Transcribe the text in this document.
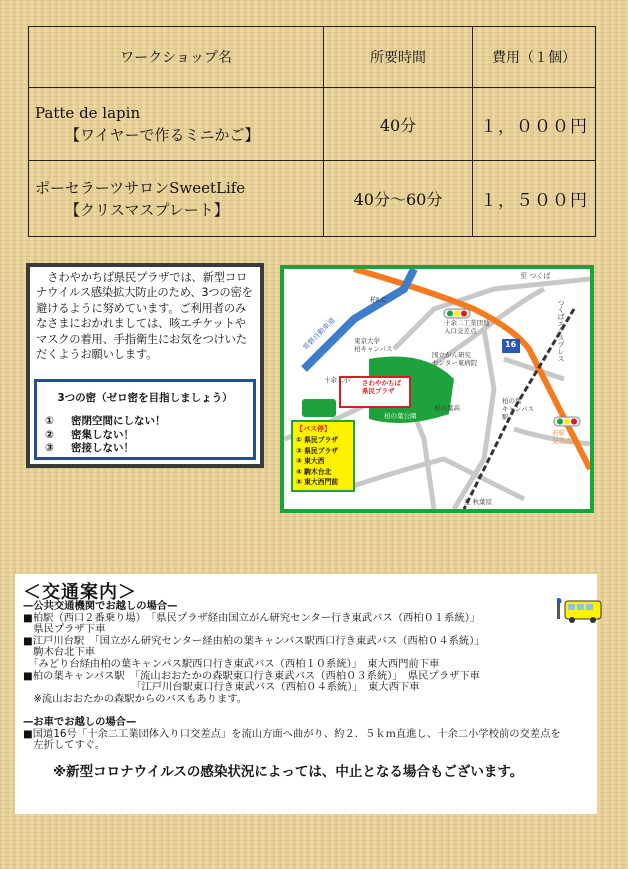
ワークショップ名	所要時間	費用（１個）
Patte de lapin
【ワイヤーで作るミニかご】	40分	１，０００円
ポーセラーツサロンSweetLife
【クリスマスプレート】	40分～60分	１，５００円
さわやかちば県民プラザでは、新型コロナウイルス感染拡大防止のため、3つの密を避けるように努めています。ご利用者のみなさまにおかれましては、咳エチケットやマスクの着用、手指衛生にお気をつけいただくようお願いします。
3つの密（ゼロ密を目指しましょう）
①	密閉空間にしない！
②	密集しない！
③	密接しない！
至 つくば
つくばエクスプレス
柏I.C
常磐自動車道	東京大学
柏キャンパス
十余二工業団地
入口交差点
国立がん研究
センター東病院
十余二小 さわやかちば
県民プラザ
柏の葉公園
柏の葉高
柏の葉
キャンパス
駅
若柴
交差点
至 秋葉原
16
【バス停】
① 県民プラザ
② 県民プラザ
③ 東大西
④ 駒木台北
⑤ 東大西門前
＜交通案内＞
—公共交通機関でお越しの場合—
■柏駅（西口２番乗り場）　「県民プラザ経由国立がん研究センター行き東武バス（西柏０１系統）」
　県民プラザ下車
■江戸川台駅　「国立がん研究センター経由柏の葉キャンパス駅西口行き東武バス（西柏０４系統）」
　駒木台北下車
　「みどり台経由柏の葉キャンパス駅西口行き東武バス（西柏１０系統）」　東大西門前下車
■柏の葉キャンパス駅　「流山おおたかの森駅東口行き東武バス（西柏０３系統）」　県民プラザ下車
　　　　　　　　　　　「江戸川台駅東口行き東武バス（西柏０４系統）」　東大西下車
　※流山おおたかの森駅からのバスもあります。

—お車でお越しの場合—
■国道16号「十余二工業団体入り口交差点」を流山方面へ曲がり、約２．５ｋｍ直進し、十余二小学校前の交差点を
　左折してすぐ。
※新型コロナウイルスの感染状況によっては、中止となる場合もございます。
